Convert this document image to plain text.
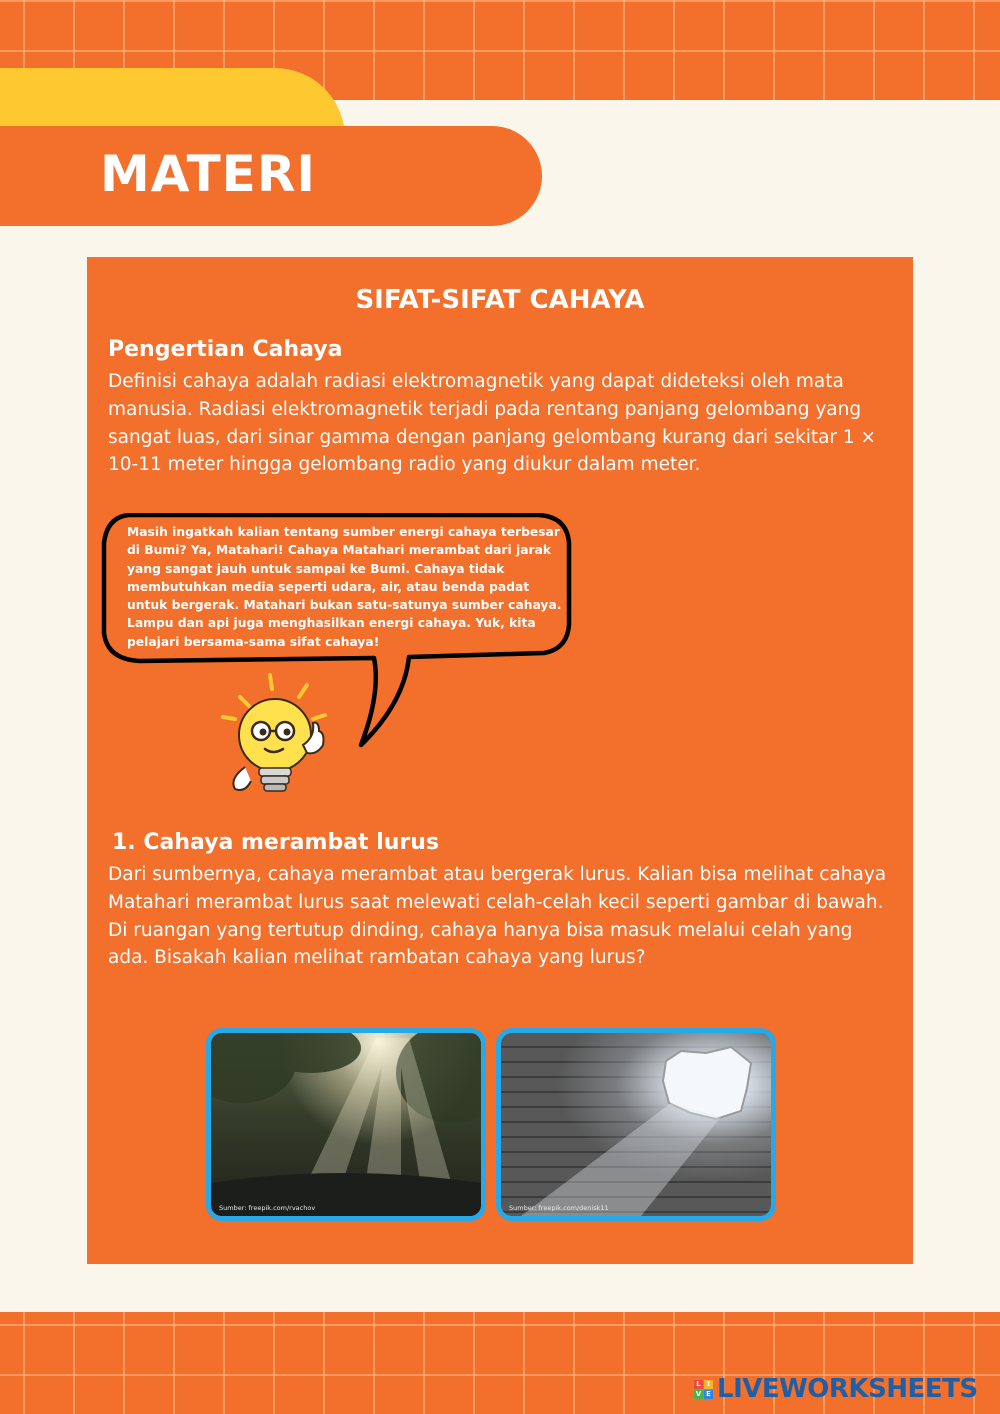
MATERI
SIFAT-SIFAT CAHAYA
Pengertian Cahaya
Definisi cahaya adalah radiasi elektromagnetik yang dapat dideteksi oleh mata manusia. Radiasi elektromagnetik terjadi pada rentang panjang gelombang yang sangat luas, dari sinar gamma dengan panjang gelombang kurang dari sekitar 1 × 10-11 meter hingga gelombang radio yang diukur dalam meter.
Masih ingatkah kalian tentang sumber energi cahaya terbesar di Bumi? Ya, Matahari! Cahaya Matahari merambat dari jarak yang sangat jauh untuk sampai ke Bumi. Cahaya tidak membutuhkan media seperti udara, air, atau benda padat untuk bergerak. Matahari bukan satu-satunya sumber cahaya. Lampu dan api juga menghasilkan energi cahaya. Yuk, kita pelajari bersama-sama sifat cahaya!
1. Cahaya merambat lurus
Dari sumbernya, cahaya merambat atau bergerak lurus. Kalian bisa melihat cahaya Matahari merambat lurus saat melewati celah-celah kecil seperti gambar di bawah. Di ruangan yang tertutup dinding, cahaya hanya bisa masuk melalui celah yang ada. Bisakah kalian melihat rambatan cahaya yang lurus?
Sumber: freepik.com/rvachov	Sumber: freepik.com/denisk11
L I
V E LIVEWORKSHEETS
